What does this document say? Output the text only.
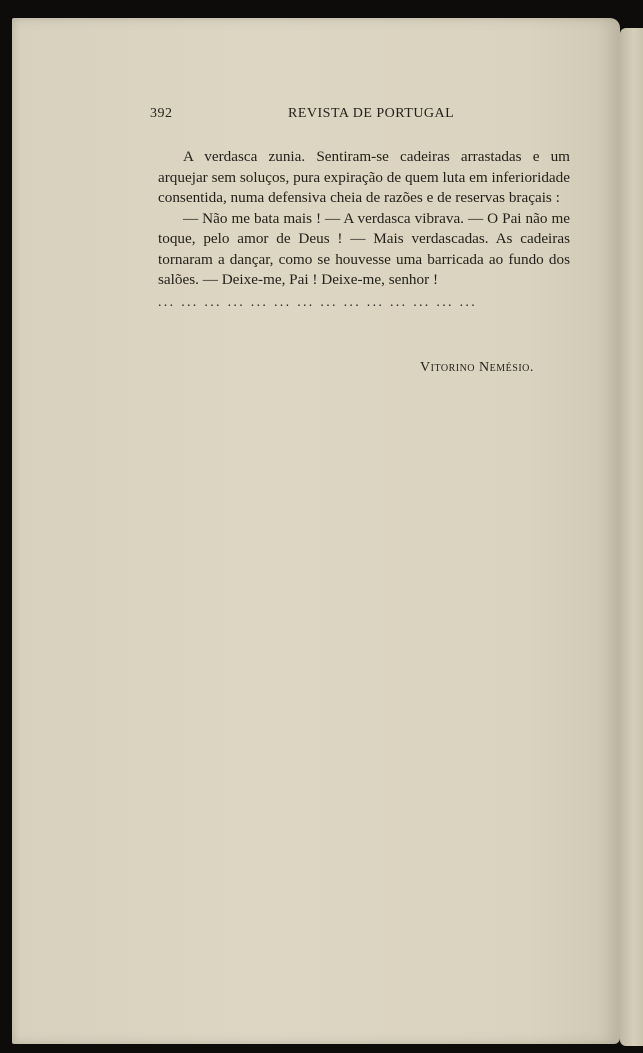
392	REVISTA DE PORTUGAL

A verdasca zunia. Sentiram-se cadeiras arrastadas e um arquejar sem soluços, pura expiração de quem luta em inferioridade consentida, numa defensiva cheia de razões e de reservas braçais :

— Não me bata mais ! — A verdasca vibrava. — O Pai não me toque, pelo amor de Deus ! — Mais verdascadas. As cadeiras tornaram a dançar, como se houvesse uma barricada ao fundo dos salões. — Deixe-me, Pai ! Deixe-me, senhor !

... ... ... ... ... ... ... ... ... ... ... ... ... ...

Vitorino Nemésio.
